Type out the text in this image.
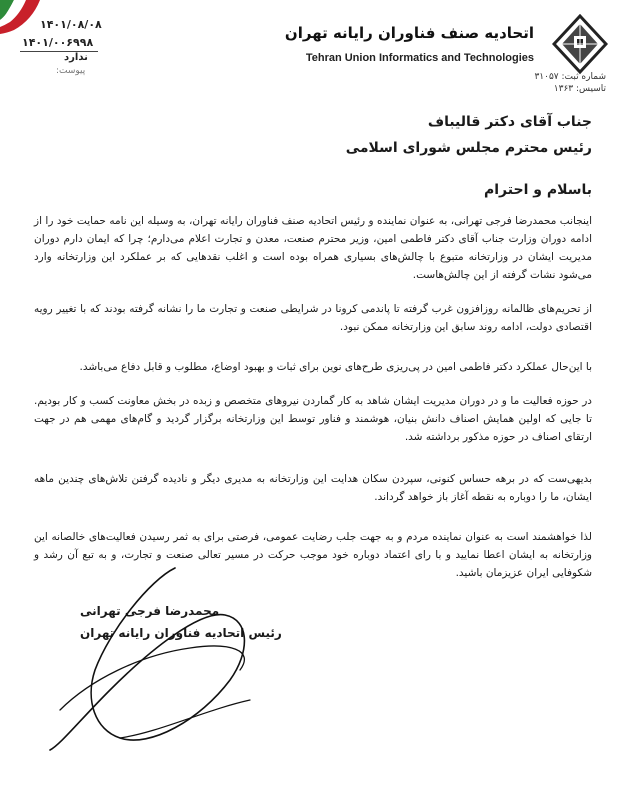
۱۴۰۱/۰۸/۰۸
۱۴۰۱/۰۰۶۹۹۸
ندارد
پیوست:
اتحادیه صنف فناوران رایانه تهران
Tehran Union Informatics and Technologies
شماره ثبت: ۳۱۰۵۷
تاسیس: ۱۳۶۳
جناب آقای دکتر قالیباف
رئیس محترم مجلس شورای اسلامی
باسلام و احترام

اینجانب محمدرضا فرجی تهرانی، به عنوان نماینده و رئیس اتحادیه صنف فناوران رایانه تهران، به وسیله این نامه حمایت خود را از ادامه دوران وزارت جناب آقای دکتر فاطمی امین، وزیر محترم صنعت، معدن و تجارت اعلام می‌دارم؛ چرا که ایمان دارم دوران مدیریت ایشان در وزارتخانه متبوع با چالش‌های بسیاری همراه بوده است و اغلب نقدهایی که بر عملکرد این وزارتخانه وارد می‌شود نشات گرفته از این چالش‌هاست.

از تحریم‌های ظالمانه روزافزون غرب گرفته تا پاندمی کرونا در شرایطی صنعت و تجارت ما را نشانه گرفته بودند که با تغییر رویه اقتصادی دولت، ادامه روند سابق این وزارتخانه ممکن نبود.

با این‌حال عملکرد دکتر فاطمی امین در پی‌ریزی طرح‌های نوین برای ثبات و بهبود اوضاع، مطلوب و قابل دفاع می‌باشد.

در حوزه فعالیت ما و در دوران مدیریت ایشان شاهد به کار گماردن نیروهای متخصص و زبده در بخش معاونت کسب و کار بودیم. تا جایی که اولین همایش اصناف دانش بنیان، هوشمند و فناور توسط این وزارتخانه برگزار گردید و گام‌های مهمی هم در جهت ارتقای اصناف در حوزه مذکور برداشته شد.

بدیهی‌ست که در برهه حساس کنونی، سپردن سکان هدایت این وزارتخانه به مدیری دیگر و نادیده گرفتن تلاش‌های چندین ماهه ایشان، ما را دوباره به نقطه آغاز باز خواهد گرداند.

لذا خواهشمند است به عنوان نماینده مردم و به جهت جلب رضایت عمومی، فرصتی برای به ثمر رسیدن فعالیت‌های خالصانه این وزارتخانه به ایشان اعطا نمایید و با رای اعتماد دوباره خود موجب حرکت در مسیر تعالی صنعت و تجارت، و به تبع آن رشد و شکوفایی ایران عزیزمان باشید.

محمدرضا فرجی تهرانی
رئیس اتحادیه فناوران رایانه تهران
